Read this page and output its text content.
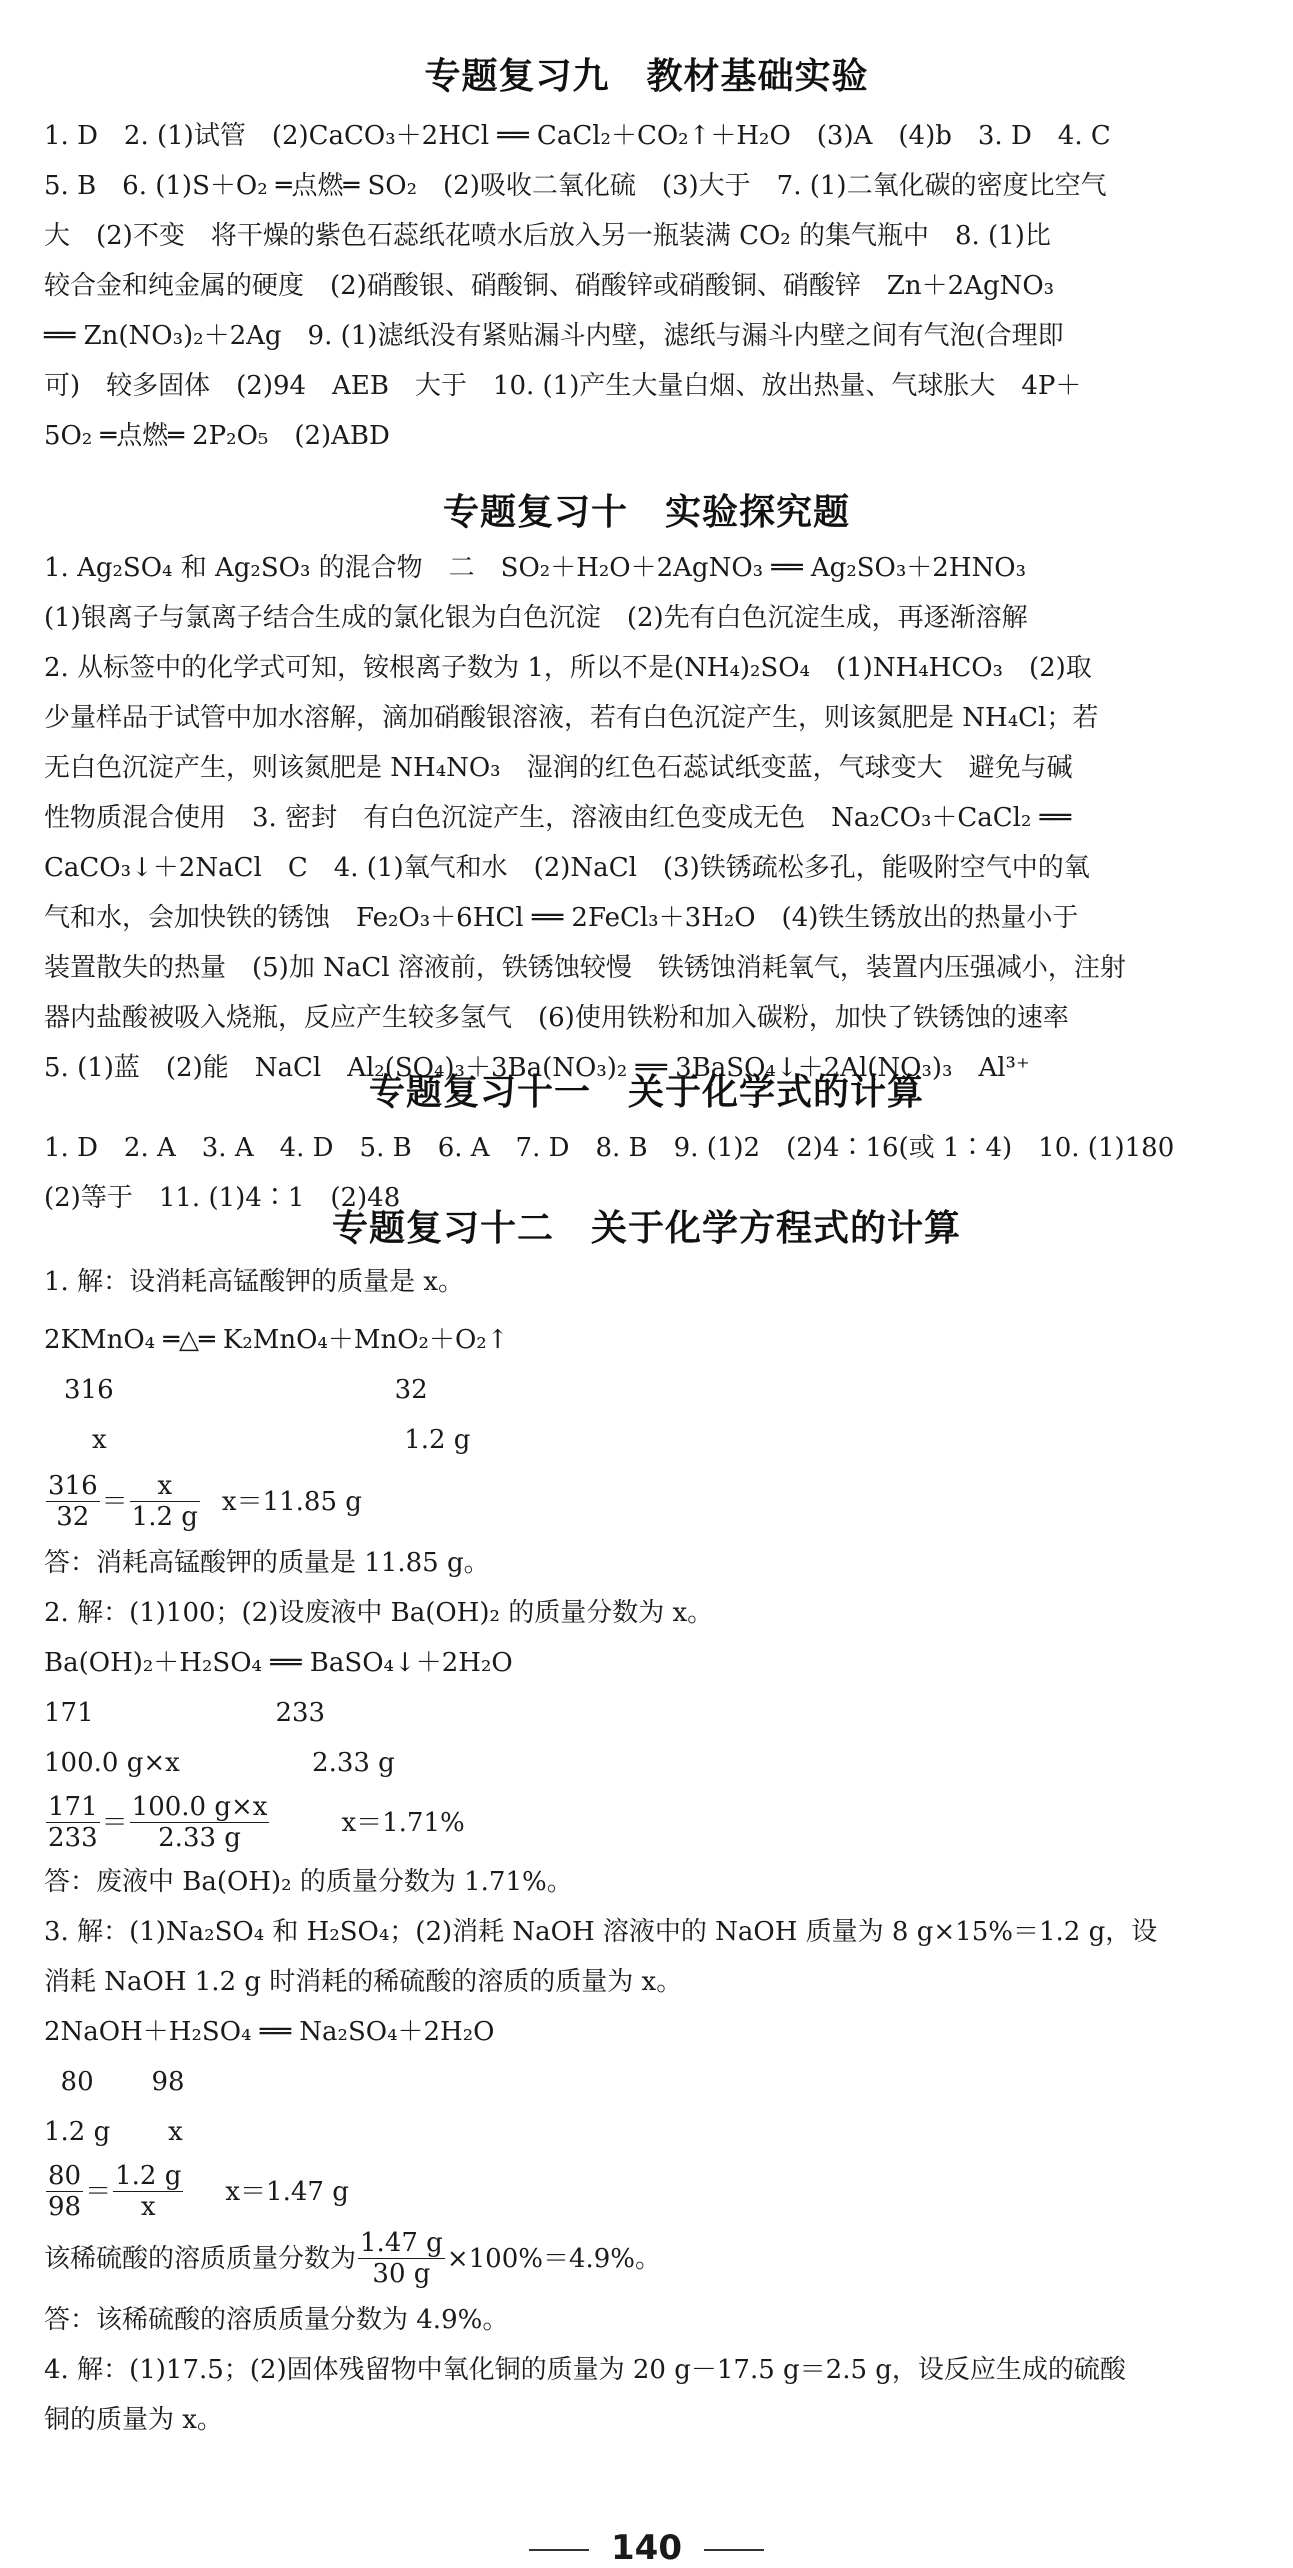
专题复习九　教材基础实验

1. D　2. (1)试管　(2)CaCO₃＋2HCl ══ CaCl₂＋CO₂↑＋H₂O　(3)A　(4)b　3. D　4. C

5. B　6. (1)S＋O₂ ═点燃═ SO₂　(2)吸收二氧化硫　(3)大于　7. (1)二氧化碳的密度比空气

大　(2)不变　将干燥的紫色石蕊纸花喷水后放入另一瓶装满 CO₂ 的集气瓶中　8. (1)比

较合金和纯金属的硬度　(2)硝酸银、硝酸铜、硝酸锌或硝酸铜、硝酸锌　Zn＋2AgNO₃

══ Zn(NO₃)₂＋2Ag　9. (1)滤纸没有紧贴漏斗内壁，滤纸与漏斗内壁之间有气泡(合理即

可)　较多固体　(2)94　AEB　大于　10. (1)产生大量白烟、放出热量、气球胀大　4P＋

5O₂ ═点燃═ 2P₂O₅　(2)ABD

专题复习十　实验探究题

1. Ag₂SO₄ 和 Ag₂SO₃ 的混合物　二　SO₂＋H₂O＋2AgNO₃ ══ Ag₂SO₃＋2HNO₃

(1)银离子与氯离子结合生成的氯化银为白色沉淀　(2)先有白色沉淀生成，再逐渐溶解

2. 从标签中的化学式可知，铵根离子数为 1，所以不是(NH₄)₂SO₄　(1)NH₄HCO₃　(2)取

少量样品于试管中加水溶解，滴加硝酸银溶液，若有白色沉淀产生，则该氮肥是 NH₄Cl；若

无白色沉淀产生，则该氮肥是 NH₄NO₃　湿润的红色石蕊试纸变蓝，气球变大　避免与碱

性物质混合使用　3. 密封　有白色沉淀产生，溶液由红色变成无色　Na₂CO₃＋CaCl₂ ══

CaCO₃↓＋2NaCl　C　4. (1)氧气和水　(2)NaCl　(3)铁锈疏松多孔，能吸附空气中的氧

气和水，会加快铁的锈蚀　Fe₂O₃＋6HCl ══ 2FeCl₃＋3H₂O　(4)铁生锈放出的热量小于

装置散失的热量　(5)加 NaCl 溶液前，铁锈蚀较慢　铁锈蚀消耗氧气，装置内压强减小，注射

器内盐酸被吸入烧瓶，反应产生较多氢气　(6)使用铁粉和加入碳粉，加快了铁锈蚀的速率

5. (1)蓝　(2)能　NaCl　Al₂(SO₄)₃＋3Ba(NO₃)₂ ══ 3BaSO₄↓＋2Al(NO₃)₃　Al³⁺

专题复习十一　关于化学式的计算

1. D　2. A　3. A　4. D　5. B　6. A　7. D　8. B　9. (1)2　(2)4∶16(或 1∶4)　10. (1)180

(2)等于　11. (1)4∶1　(2)48

专题复习十二　关于化学方程式的计算

1. 解：设消耗高锰酸钾的质量是 x。

2KMnO₄ ═△═ K₂MnO₄＋MnO₂＋O₂↑

316                                  32

x                                    1.2 g

$\frac{316}{32} = \frac{x}{1.2 g} x=11.85$ g

答：消耗高锰酸钾的质量是 11.85 g。

2. 解：(1)100；(2)设废液中 Ba(OH)₂ 的质量分数为 x。

Ba(OH)₂＋H₂SO₄ ══ BaSO₄↓＋2H₂O

171                      233

100.0 g×x                2.33 g

$\frac{171}{233} = \frac{100.0 g\times x}{2.33 g}$	x＝1.71%

答：废液中 Ba(OH)₂ 的质量分数为 1.71%。

3. 解：(1)Na₂SO₄ 和 H₂SO₄；(2)消耗 NaOH 溶液中的 NaOH 质量为 8 g×15%＝1.2 g，设

消耗 NaOH 1.2 g 时消耗的稀硫酸的溶质的质量为 x。

2NaOH＋H₂SO₄ ══ Na₂SO₄＋2H₂O

80       98

1.2 g       x

$\frac{80}{98} = \frac{1.2 g}{x} x=1.47$ g
该稀硫酸的溶质质量分数为 $\frac{1.47 g}{30 g} \times 100\%=4.9\%$。

答：该稀硫酸的溶质质量分数为 4.9%。

4. 解：(1)17.5；(2)固体残留物中氧化铜的质量为 20 g－17.5 g＝2.5 g，设反应生成的硫酸

铜的质量为 x。

140
